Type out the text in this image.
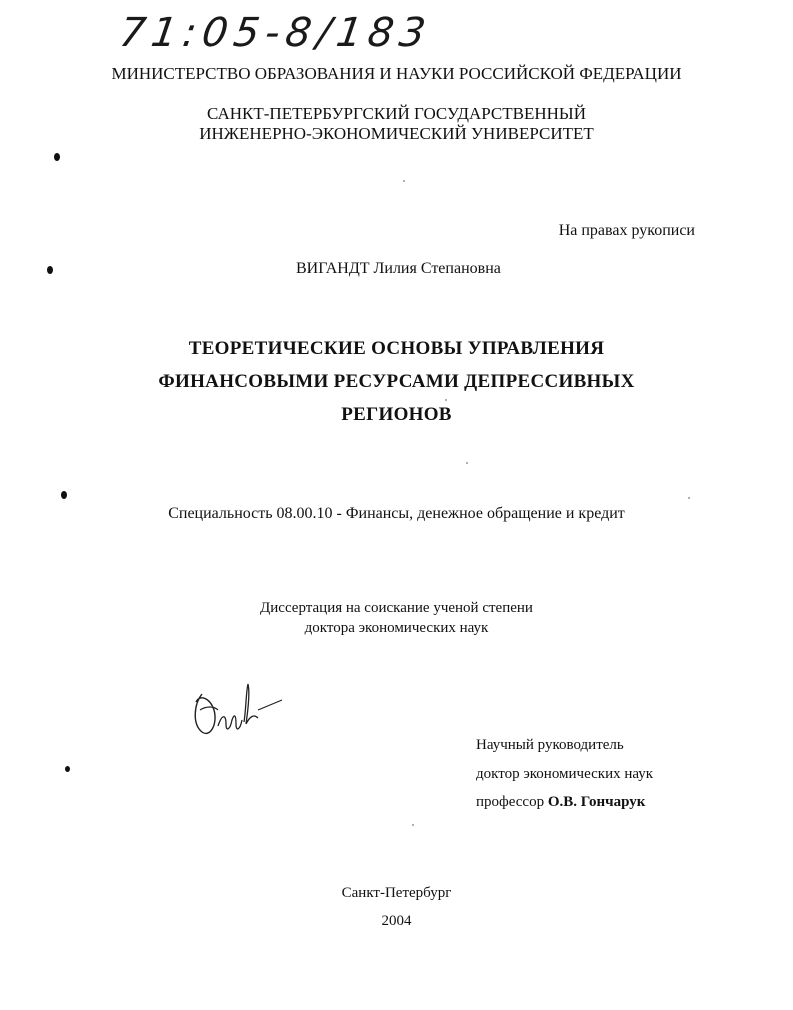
71:05-8/183
МИНИСТЕРСТВО ОБРАЗОВАНИЯ И НАУКИ РОССИЙСКОЙ ФЕДЕРАЦИИ
САНКТ-ПЕТЕРБУРГСКИЙ ГОСУДАРСТВЕННЫЙ
ИНЖЕНЕРНО-ЭКОНОМИЧЕСКИЙ УНИВЕРСИТЕТ
На правах рукописи
ВИГАНДТ Лилия Степановна
ТЕОРЕТИЧЕСКИЕ ОСНОВЫ УПРАВЛЕНИЯ
ФИНАНСОВЫМИ РЕСУРСАМИ ДЕПРЕССИВНЫХ
РЕГИОНОВ
Специальность 08.00.10 - Финансы, денежное обращение и кредит
Диссертация на соискание ученой степени
доктора экономических наук
Научный руководитель
доктор экономических наук
профессор О.В. Гончарук
Санкт-Петербург
2004
